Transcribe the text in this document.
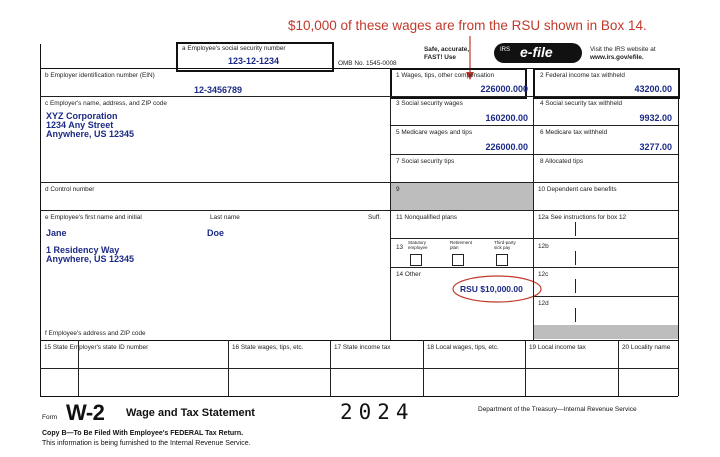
$10,000 of these wages are from the RSU shown in Box 14.
a Employee's social security number
123-12-1234	OMB No. 1545-0008
Safe, accurate,
FAST! Use
IRS e-file	Visit the IRS website at
www.irs.gov/efile.
b Employer identification number (EIN)
12-3456789
c Employer's name, address, and ZIP code
XYZ Corporation
1234 Any Street
Anywhere, US 12345
d Control number
e Employee's first name and initial	Last name	Suff.
Jane	Doe
1 Residency Way
Anywhere, US 12345
f Employee's address and ZIP code
1 Wages, tips, other compensation
226000.000
3 Social security wages
160200.00
5 Medicare wages and tips
226000.00
7 Social security tips
9
11 Nonqualified plans
13
Statutory employee
Retirement plan
Third-party sick pay
14 Other
RSU $10,000.00
2 Federal income tax withheld
43200.00
4 Social security tax withheld
9932.00
6 Medicare tax withheld
3277.00
8 Allocated tips
10 Dependent care benefits
12a See instructions for box 12
12b
12c
12d
15 State Employer's state ID number	16 State wages, tips, etc.	17 State income tax	18 Local wages, tips, etc.	19 Local income tax	20 Locality name
Form W-2 Wage and Tax Statement	2024	Department of the Treasury—Internal Revenue Service
Copy B—To Be Filed With Employee's FEDERAL Tax Return.
This information is being furnished to the Internal Revenue Service.
